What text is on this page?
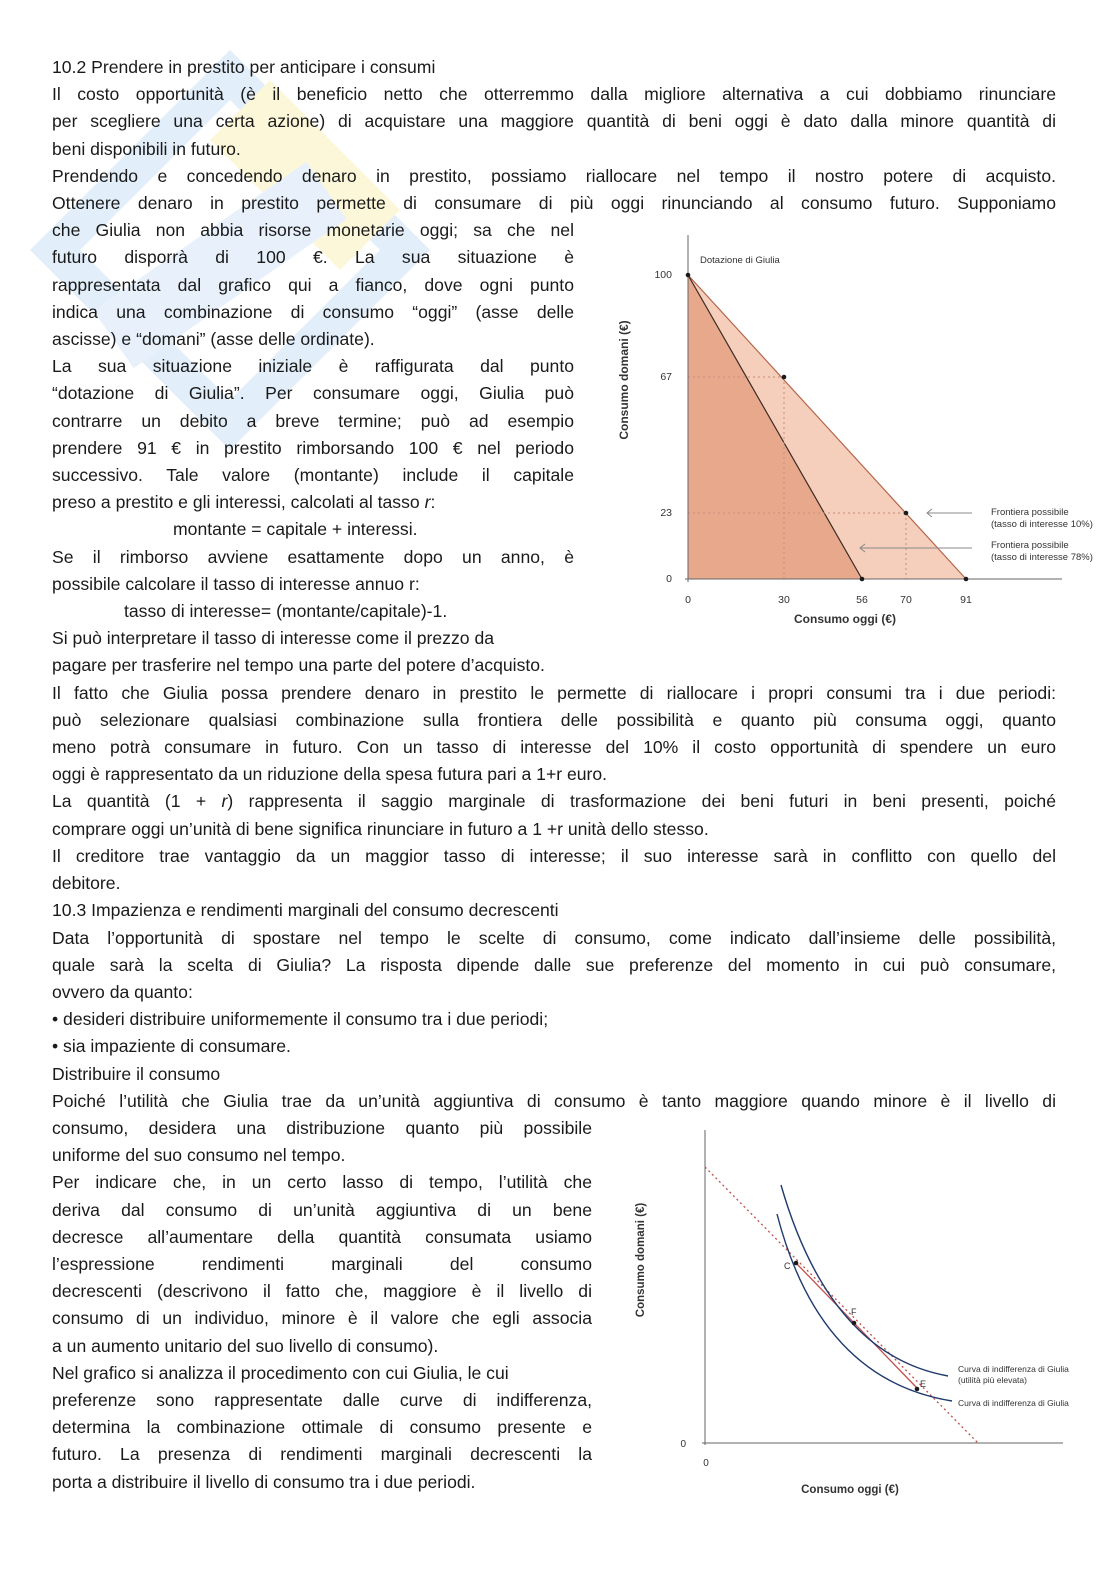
10.2 Prendere in prestito per anticipare i consumi
Il costo opportunità (è il beneficio netto che otterremmo dalla migliore alternativa a cui dobbiamo rinunciare
per scegliere una certa azione) di acquistare una maggiore quantità di beni oggi è dato dalla minore quantità di
beni disponibili in futuro.
Prendendo e concedendo denaro in prestito, possiamo riallocare nel tempo il nostro potere di acquisto.
Ottenere denaro in prestito permette di consumare di più oggi rinunciando al consumo futuro. Supponiamo
che Giulia non abbia risorse monetarie oggi; sa che nel
futuro disporrà di 100 €. La sua situazione è
rappresentata dal grafico qui a fianco, dove ogni punto
indica una combinazione di consumo “oggi” (asse delle
ascisse) e “domani” (asse delle ordinate).
La sua situazione iniziale è raffigurata dal punto
“dotazione di Giulia”. Per consumare oggi, Giulia può
contrarre un debito a breve termine; può ad esempio
prendere 91 € in prestito rimborsando 100 € nel periodo
successivo. Tale valore (montante) include il capitale
preso a prestito e gli interessi, calcolati al tasso r:
montante = capitale + interessi.
Se il rimborso avviene esattamente dopo un anno, è
possibile calcolare il tasso di interesse annuo r:
tasso di interesse= (montante/capitale)-1.
Si può interpretare il tasso di interesse come il prezzo da
pagare per trasferire nel tempo una parte del potere d’acquisto.
Il fatto che Giulia possa prendere denaro in prestito le permette di riallocare i propri consumi tra i due periodi:
può selezionare qualsiasi combinazione sulla frontiera delle possibilità e quanto più consuma oggi, quanto
meno potrà consumare in futuro. Con un tasso di interesse del 10% il costo opportunità di spendere un euro
oggi è rappresentato da un riduzione della spesa futura pari a 1+r euro.
La quantità (1 + r) rappresenta il saggio marginale di trasformazione dei beni futuri in beni presenti, poiché
comprare oggi un’unità di bene significa rinunciare in futuro a 1 +r unità dello stesso.
Il creditore trae vantaggio da un maggior tasso di interesse; il suo interesse sarà in conflitto con quello del
debitore.
10.3 Impazienza e rendimenti marginali del consumo decrescenti
Data l’opportunità di spostare nel tempo le scelte di consumo, come indicato dall’insieme delle possibilità,
quale sarà la scelta di Giulia? La risposta dipende dalle sue preferenze del momento in cui può consumare,
ovvero da quanto:
• desideri distribuire uniformemente il consumo tra i due periodi;
• sia impaziente di consumare.
Distribuire il consumo
Poiché l’utilità che Giulia trae da un’unità aggiuntiva di consumo è tanto maggiore quando minore è il livello di
consumo, desidera una distribuzione quanto più possibile
uniforme del suo consumo nel tempo.
Per indicare che, in un certo lasso di tempo, l’utilità che
deriva dal consumo di un’unità aggiuntiva di un bene
decresce all’aumentare della quantità consumata usiamo
l’espressione rendimenti marginali del consumo
decrescenti (descrivono il fatto che, maggiore è il livello di
consumo di un individuo, minore è il valore che egli associa
a un aumento unitario del suo livello di consumo).
Nel grafico si analizza il procedimento con cui Giulia, le cui
preferenze sono rappresentate dalle curve di indifferenza,
determina la combinazione ottimale di consumo presente e
futuro. La presenza di rendimenti marginali decrescenti la
porta a distribuire il livello di consumo tra i due periodi.
Dotazione di Giulia
Frontiera possibile
(tasso di interesse 10%)
Frontiera possibile
(tasso di interesse 78%)
100
67
23
0
0	30	56	70	91
Consumo oggi (€)
Consumo domani (€)
C
F
E
Curva di indifferenza di Giulia
(utilità più elevata)
Curva di indifferenza di Giulia
0
0
Consumo oggi (€)
Consumo domani (€)
